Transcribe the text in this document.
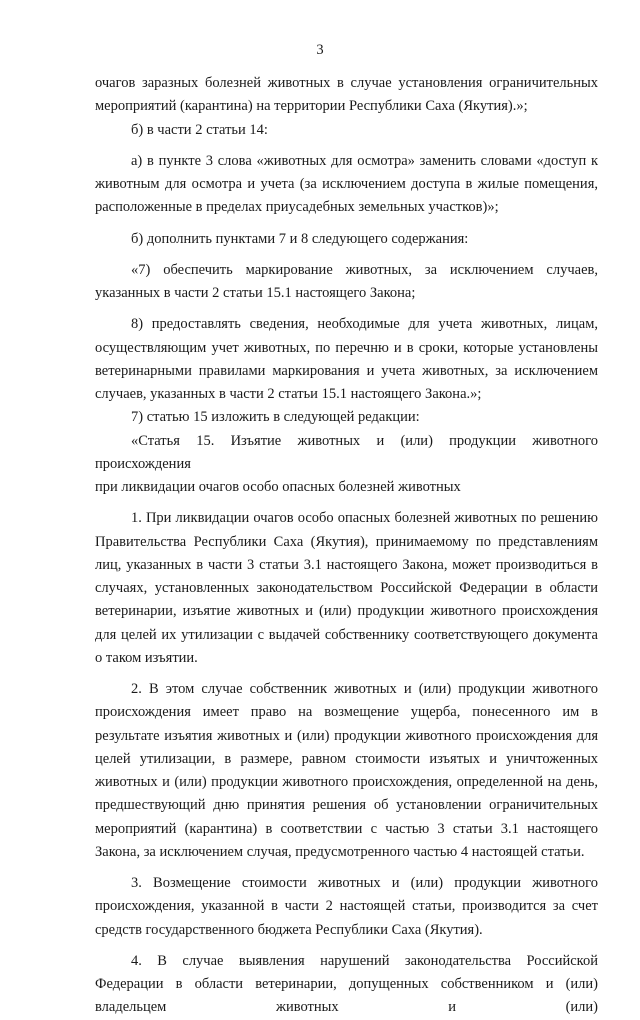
3

очагов заразных болезней животных в случае установления ограничительных мероприятий (карантина) на территории Республики Саха (Якутия).»;

б) в части 2 статьи 14:

а) в пункте 3 слова «животных для осмотра» заменить словами «доступ к животным для осмотра и учета (за исключением доступа в жилые помещения, расположенные в пределах приусадебных земельных участков)»;

б) дополнить пунктами 7 и 8 следующего содержания:

«7) обеспечить маркирование животных, за исключением случаев, указанных в части 2 статьи 15.1 настоящего Закона;

8) предоставлять сведения, необходимые для учета животных, лицам, осуществляющим учет животных, по перечню и в сроки, которые установлены ветеринарными правилами маркирования и учета животных, за исключением случаев, указанных в части 2 статьи 15.1 настоящего Закона.»;

7) статью 15 изложить в следующей редакции:

«Статья 15. Изъятие животных и (или) продукции животного происхождения

при ликвидации очагов особо опасных болезней животных

1. При ликвидации очагов особо опасных болезней животных по решению Правительства Республики Саха (Якутия), принимаемому по представлениям лиц, указанных в части 3 статьи 3.1 настоящего Закона, может производиться в случаях, установленных законодательством Российской Федерации в области ветеринарии, изъятие животных и (или) продукции животного происхождения для целей их утилизации с выдачей собственнику соответствующего документа о таком изъятии.

2. В этом случае собственник животных и (или) продукции животного происхождения имеет право на возмещение ущерба, понесенного им в результате изъятия животных и (или) продукции животного происхождения для целей утилизации, в размере, равном стоимости изъятых и уничтоженных животных и (или) продукции животного происхождения, определенной на день, предшествующий дню принятия решения об установлении ограничительных мероприятий (карантина) в соответствии с частью 3 статьи 3.1 настоящего Закона, за исключением случая, предусмотренного частью 4 настоящей статьи.

3. Возмещение стоимости животных и (или) продукции животного происхождения, указанной в части 2 настоящей статьи, производится за счет средств государственного бюджета Республики Саха (Якутия).

4. В случае выявления нарушений законодательства Российской Федерации в области ветеринарии, допущенных собственником и (или) владельцем животных и (или)
